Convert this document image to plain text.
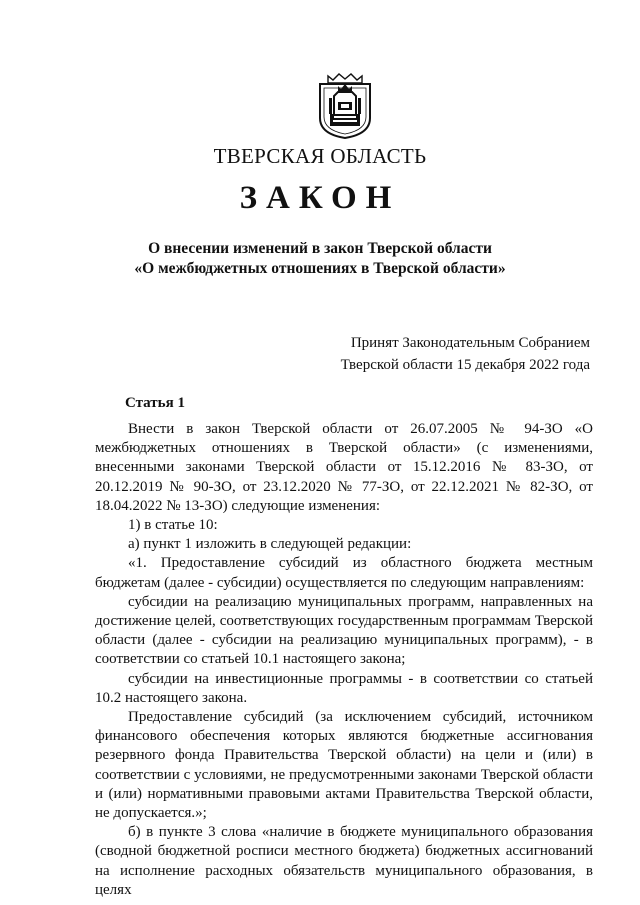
ТВЕРСКАЯ ОБЛАСТЬ
ЗАКОН
О внесении изменений в закон Тверской области
«О межбюджетных отношениях в Тверской области»
Принят Законодательным Собранием
Тверской области 15 декабря 2022 года
Статья 1

Внести в закон Тверской области от 26.07.2005 № 94-ЗО «О межбюджетных отношениях в Тверской области» (с изменениями, внесенными законами Тверской области от 15.12.2016 № 83-ЗО, от 20.12.2019 № 90-ЗО, от 23.12.2020 № 77-ЗО, от 22.12.2021 № 82-ЗО, от 18.04.2022 № 13-ЗО) следующие изменения:

1) в статье 10:

а) пункт 1 изложить в следующей редакции:

«1. Предоставление субсидий из областного бюджета местным бюджетам (далее - субсидии) осуществляется по следующим направлениям:

субсидии на реализацию муниципальных программ, направленных на достижение целей, соответствующих государственным программам Тверской области (далее - субсидии на реализацию муниципальных программ), - в соответствии со статьей 10.1 настоящего закона;

субсидии на инвестиционные программы - в соответствии со статьей 10.2 настоящего закона.

Предоставление субсидий (за исключением субсидий, источником финансового обеспечения которых являются бюджетные ассигнования резервного фонда Правительства Тверской области) на цели и (или) в соответствии с условиями, не предусмотренными законами Тверской области и (или) нормативными правовыми актами Правительства Тверской области, не допускается.»;

б) в пункте 3 слова «наличие в бюджете муниципального образования (сводной бюджетной росписи местного бюджета) бюджетных ассигнований на исполнение расходных обязательств муниципального образования, в целях
